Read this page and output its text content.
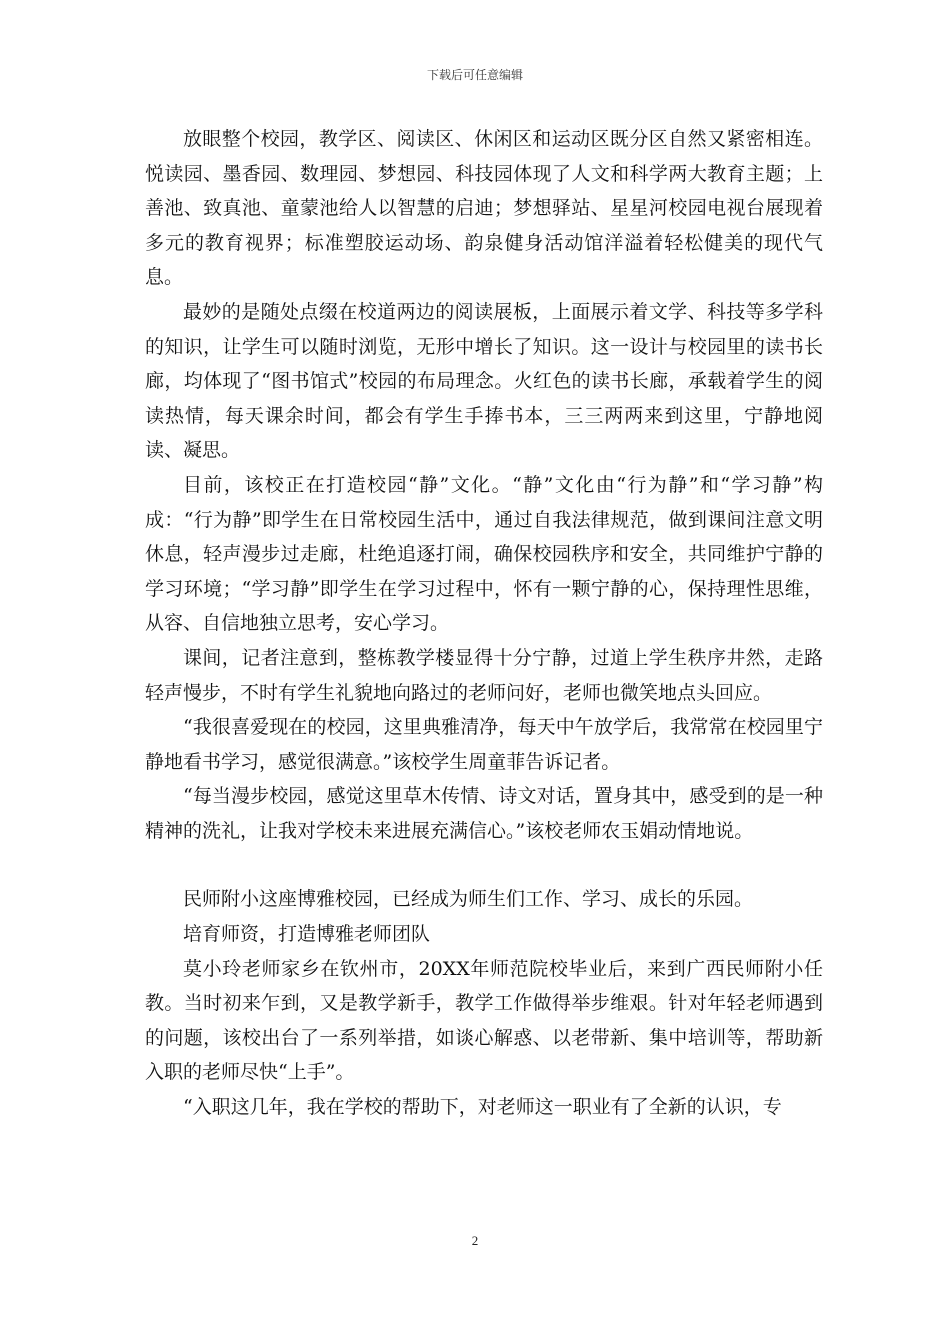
下载后可任意编辑

放眼整个校园，教学区、阅读区、休闲区和运动区既分区自然又紧密相连。悦读园、墨香园、数理园、梦想园、科技园体现了人文和科学两大教育主题；上善池、致真池、童蒙池给人以智慧的启迪；梦想驿站、星星河校园电视台展现着多元的教育视界；标准塑胶运动场、韵泉健身活动馆洋溢着轻松健美的现代气息。

最妙的是随处点缀在校道两边的阅读展板，上面展示着文学、科技等多学科的知识，让学生可以随时浏览，无形中增长了知识。这一设计与校园里的读书长廊，均体现了“图书馆式”校园的布局理念。火红色的读书长廊，承载着学生的阅读热情，每天课余时间，都会有学生手捧书本，三三两两来到这里，宁静地阅读、凝思。

目前，该校正在打造校园“静”文化。“静”文化由“行为静”和“学习静”构成：“行为静”即学生在日常校园生活中，通过自我法律规范，做到课间注意文明休息，轻声漫步过走廊，杜绝追逐打闹，确保校园秩序和安全，共同维护宁静的学习环境；“学习静”即学生在学习过程中，怀有一颗宁静的心，保持理性思维，从容、自信地独立思考，安心学习。

课间，记者注意到，整栋教学楼显得十分宁静，过道上学生秩序井然，走路轻声慢步，不时有学生礼貌地向路过的老师问好，老师也微笑地点头回应。

“我很喜爱现在的校园，这里典雅清净，每天中午放学后，我常常在校园里宁静地看书学习，感觉很满意。”该校学生周童菲告诉记者。

“每当漫步校园，感觉这里草木传情、诗文对话，置身其中，感受到的是一种精神的洗礼，让我对学校未来进展充满信心。”该校老师农玉娟动情地说。

民师附小这座博雅校园，已经成为师生们工作、学习、成长的乐园。

培育师资，打造博雅老师团队

莫小玲老师家乡在钦州市，20XX年师范院校毕业后，来到广西民师附小任教。当时初来乍到，又是教学新手，教学工作做得举步维艰。针对年轻老师遇到的问题，该校出台了一系列举措，如谈心解惑、以老带新、集中培训等，帮助新入职的老师尽快“上手”。

“入职这几年，我在学校的帮助下，对老师这一职业有了全新的认识，专

2
